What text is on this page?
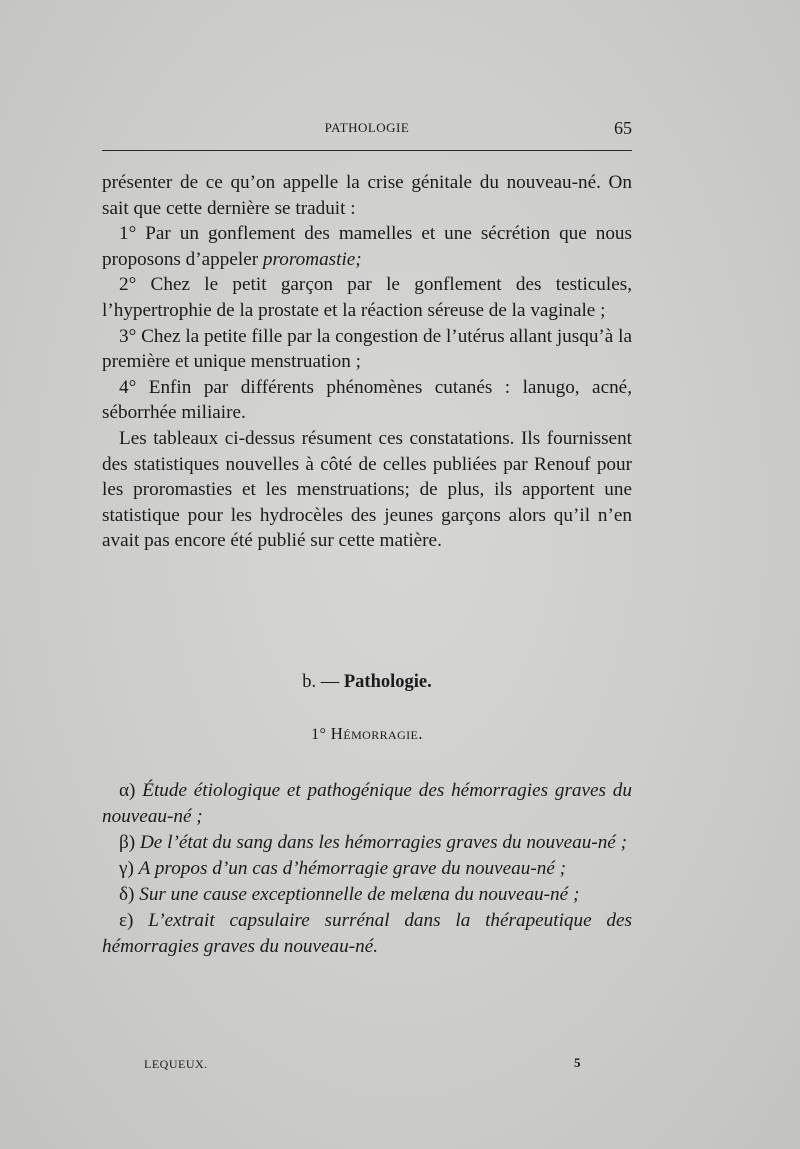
PATHOLOGIE	65

présenter de ce qu’on appelle la crise génitale du nouveau-né. On sait que cette dernière se traduit :

1° Par un gonflement des mamelles et une sécrétion que nous proposons d’appeler proromastie;

2° Chez le petit garçon par le gonflement des testicules, l’hypertrophie de la prostate et la réaction séreuse de la vaginale ;

3° Chez la petite fille par la congestion de l’utérus allant jusqu’à la première et unique menstruation ;

4° Enfin par différents phénomènes cutanés : lanugo, acné, séborrhée miliaire.

Les tableaux ci-dessus résument ces constatations. Ils fournissent des statistiques nouvelles à côté de celles publiées par Renouf pour les proromasties et les menstruations; de plus, ils apportent une statistique pour les hydrocèles des jeunes garçons alors qu’il n’en avait pas encore été publié sur cette matière.

b. — Pathologie.
1° Hémorragie.

α) Étude étiologique et pathogénique des hémorragies graves du nouveau-né ;

β) De l’état du sang dans les hémorragies graves du nouveau-né ;

γ) A propos d’un cas d’hémorragie grave du nouveau-né ;

δ) Sur une cause exceptionnelle de melæna du nouveau-né ;

ε) L’extrait capsulaire surrénal dans la thérapeutique des hémorragies graves du nouveau-né.

LEQUEUX.	5
